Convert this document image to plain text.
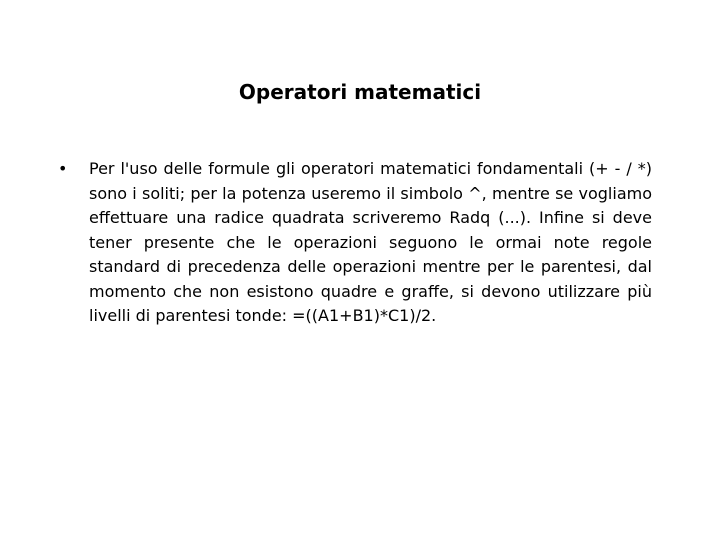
Operatori matematici
• Per l'uso delle formule gli operatori matematici fondamentali (+ - / *) sono i soliti; per la potenza useremo il simbolo ^, mentre se vogliamo effettuare una radice quadrata scriveremo Radq (...). Infine si deve tener presente che le operazioni seguono le ormai note regole standard di precedenza delle operazioni mentre per le parentesi, dal momento che non esistono quadre e graffe, si devono utilizzare più livelli di parentesi tonde: =((A1+B1)*C1)/2.
